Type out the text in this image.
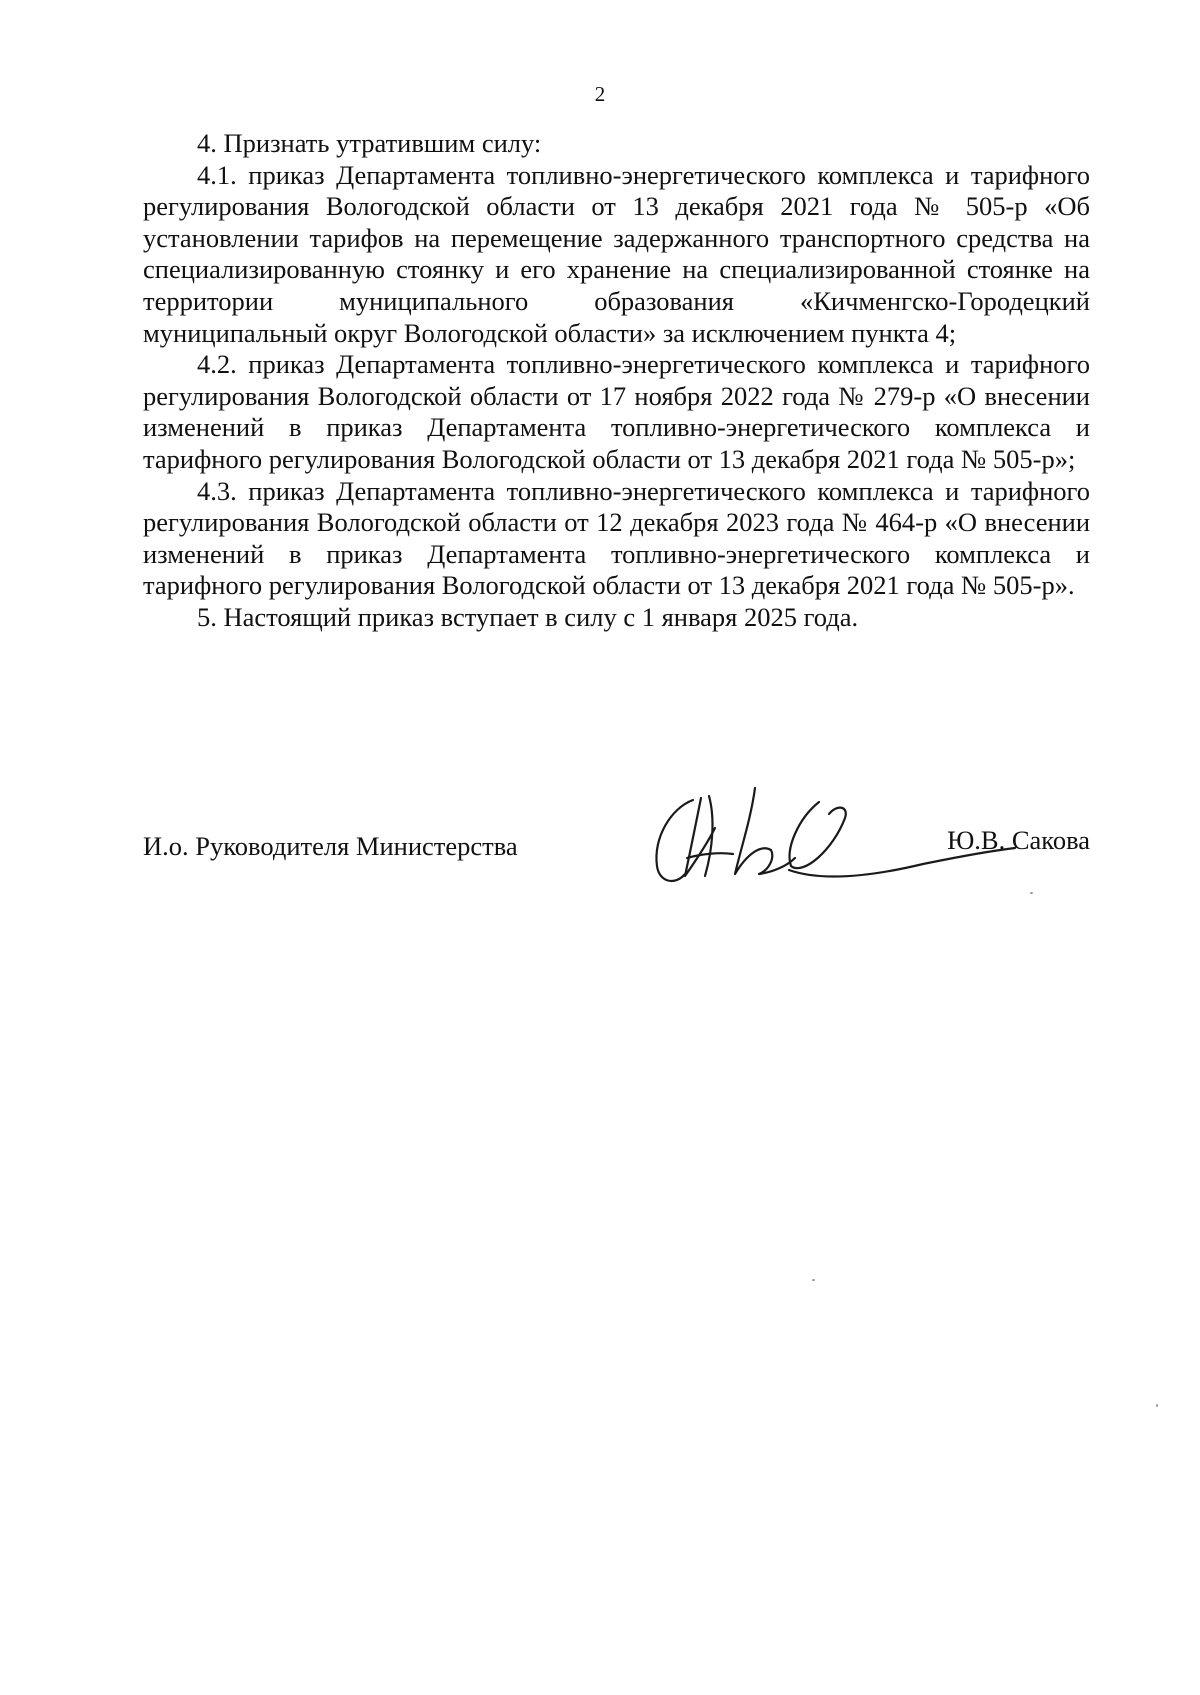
2

4. Признать утратившим силу:

4.1. приказ Департамента топливно-энергетического комплекса и тарифного регулирования Вологодской области от 13 декабря 2021 года № 505-р «Об установлении тарифов на перемещение задержанного транспортного средства на специализированную стоянку и его хранение на специализированной стоянке на территории муниципального образования «Кичменгско-Городецкий муниципальный округ Вологодской области» за исключением пункта 4;

4.2. приказ Департамента топливно-энергетического комплекса и тарифного регулирования Вологодской области от 17 ноября 2022 года № 279-р «О внесении изменений в приказ Департамента топливно-энергетического комплекса и тарифного регулирования Вологодской области от 13 декабря 2021 года № 505-р»;

4.3. приказ Департамента топливно-энергетического комплекса и тарифного регулирования Вологодской области от 12 декабря 2023 года № 464-р «О внесении изменений в приказ Департамента топливно-энергетического комплекса и тарифного регулирования Вологодской области от 13 декабря 2021 года № 505-р».

5. Настоящий приказ вступает в силу с 1 января 2025 года.

И.о. Руководителя Министерства	Ю.В. Сакова
